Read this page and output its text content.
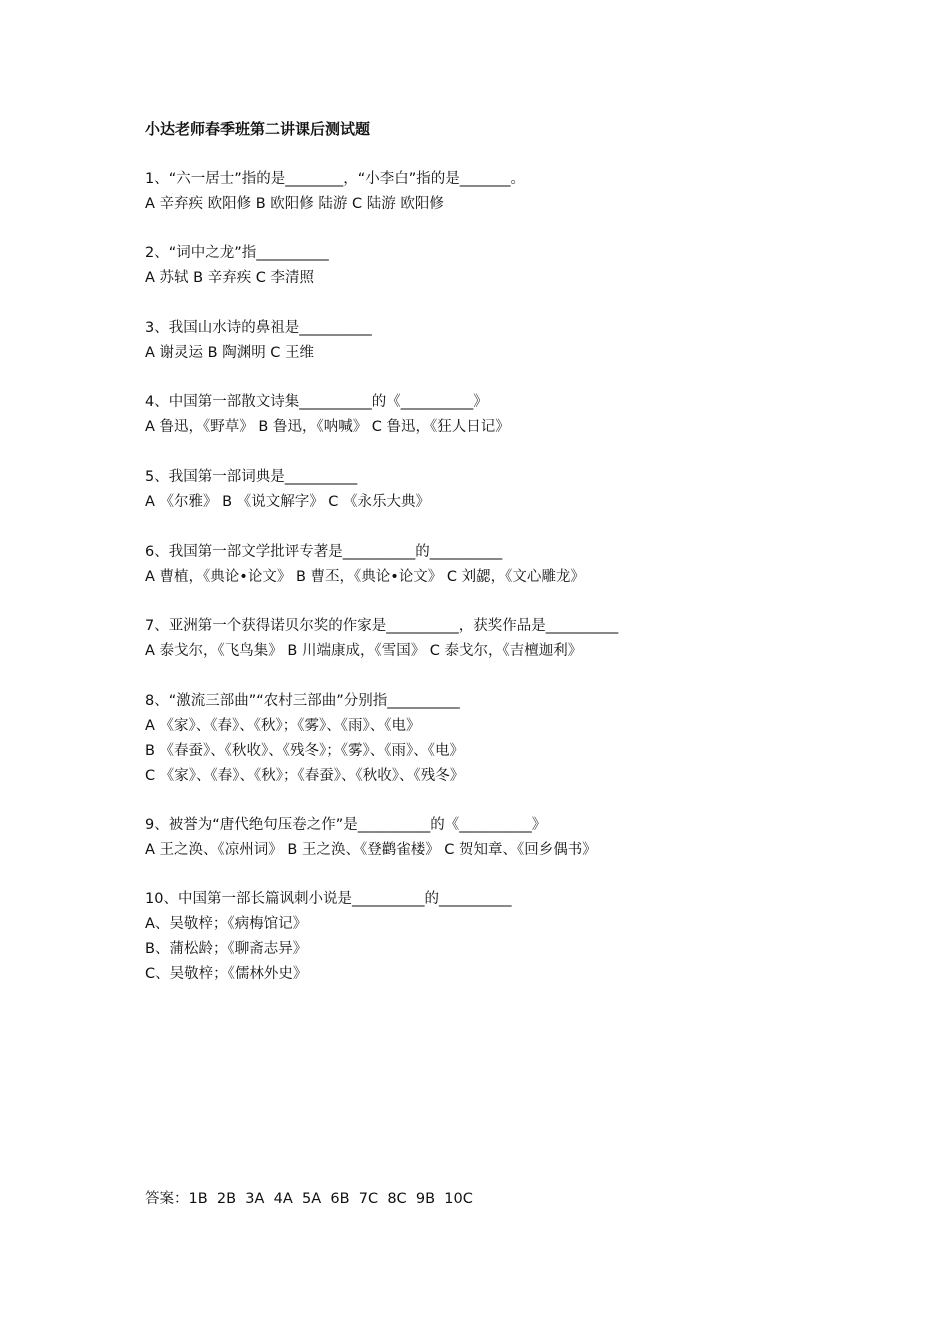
小达老师春季班第二讲课后测试题
1、“六一居士”指的是________，“小李白”指的是_______。
A 辛弃疾 欧阳修 B 欧阳修 陆游 C 陆游 欧阳修
2、“词中之龙”指__________
A 苏轼 B 辛弃疾 C 李清照
3、我国山水诗的鼻祖是__________
A 谢灵运 B 陶渊明 C 王维
4、中国第一部散文诗集__________的《__________》
A 鲁迅，《野草》 B 鲁迅，《呐喊》 C 鲁迅，《狂人日记》
5、我国第一部词典是__________
A 《尔雅》 B 《说文解字》 C 《永乐大典》
6、我国第一部文学批评专著是__________的__________
A 曹植，《典论•论文》 B 曹丕，《典论•论文》 C 刘勰，《文心雕龙》
7、亚洲第一个获得诺贝尔奖的作家是__________，获奖作品是__________
A 泰戈尔，《飞鸟集》 B 川端康成，《雪国》 C 泰戈尔，《吉檀迦利》
8、“激流三部曲”“农村三部曲”分别指__________
A 《家》、《春》、《秋》；《雾》、《雨》、《电》
B 《春蚕》、《秋收》、《残冬》；《雾》、《雨》、《电》
C 《家》、《春》、《秋》；《春蚕》、《秋收》、《残冬》
9、被誉为“唐代绝句压卷之作”是__________的《__________》
A 王之涣、《凉州词》 B 王之涣、《登鹳雀楼》 C 贺知章、《回乡偶书》
10、中国第一部长篇讽刺小说是__________的__________
A、吴敬梓；《病梅馆记》
B、蒲松龄；《聊斋志异》
C、吴敬梓；《儒林外史》
答案：1B  2B  3A  4A  5A  6B  7C  8C  9B  10C
